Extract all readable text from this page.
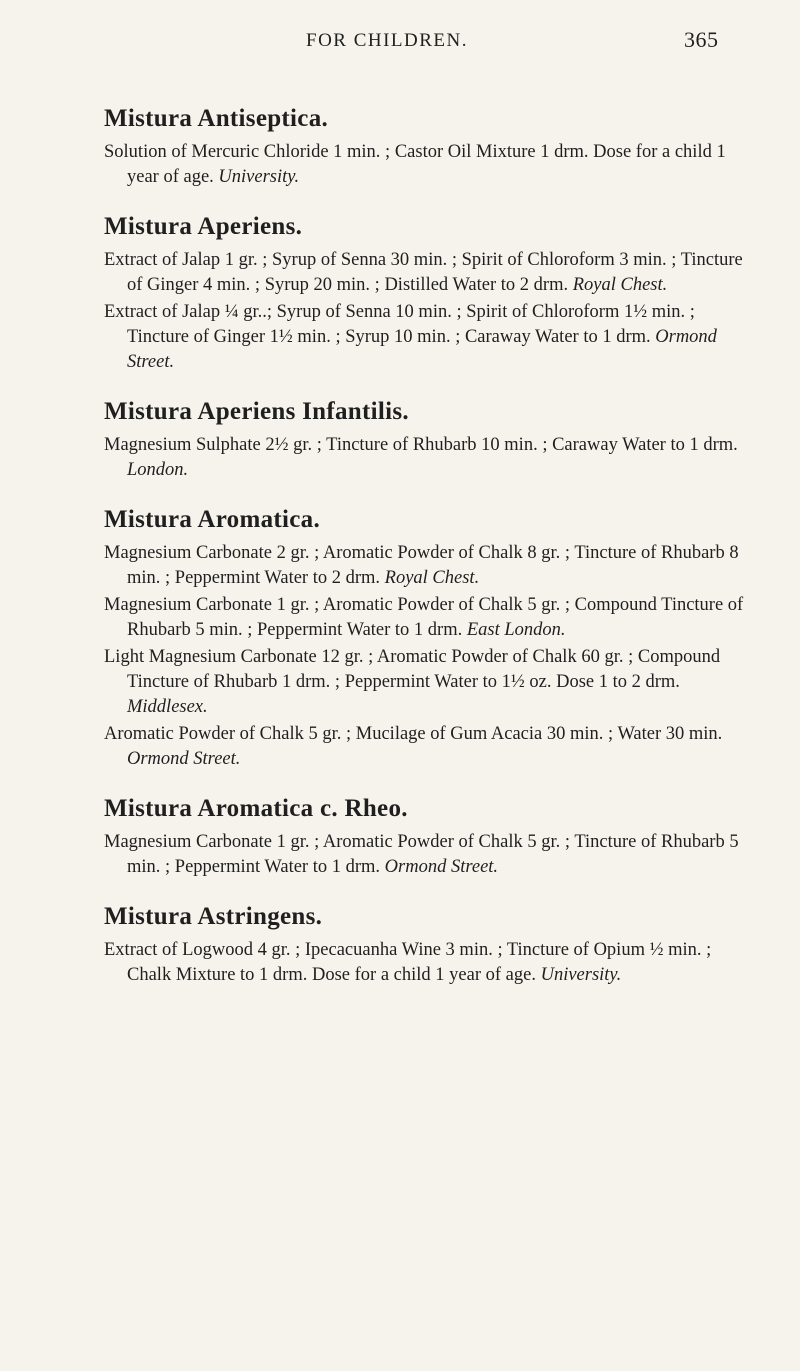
FOR CHILDREN.	365
Mistura Antiseptica.

Solution of Mercuric Chloride 1 min. ; Castor Oil Mixture 1 drm. Dose for a child 1 year of age. University.

Mistura Aperiens.

Extract of Jalap 1 gr. ; Syrup of Senna 30 min. ; Spirit of Chloroform 3 min. ; Tincture of Ginger 4 min. ; Syrup 20 min. ; Distilled Water to 2 drm. Royal Chest.

Extract of Jalap ¼ gr..; Syrup of Senna 10 min. ; Spirit of Chloroform 1½ min. ; Tincture of Ginger 1½ min. ; Syrup 10 min. ; Caraway Water to 1 drm. Ormond Street.

Mistura Aperiens Infantilis.

Magnesium Sulphate 2½ gr. ; Tincture of Rhubarb 10 min. ; Caraway Water to 1 drm. London.

Mistura Aromatica.

Magnesium Carbonate 2 gr. ; Aromatic Powder of Chalk 8 gr. ; Tincture of Rhubarb 8 min. ; Peppermint Water to 2 drm. Royal Chest.

Magnesium Carbonate 1 gr. ; Aromatic Powder of Chalk 5 gr. ; Compound Tincture of Rhubarb 5 min. ; Peppermint Water to 1 drm. East London.

Light Magnesium Carbonate 12 gr. ; Aromatic Powder of Chalk 60 gr. ; Compound Tincture of Rhubarb 1 drm. ; Peppermint Water to 1½ oz. Dose 1 to 2 drm. Middlesex.

Aromatic Powder of Chalk 5 gr. ; Mucilage of Gum Acacia 30 min. ; Water 30 min. Ormond Street.

Mistura Aromatica c. Rheo.

Magnesium Carbonate 1 gr. ; Aromatic Powder of Chalk 5 gr. ; Tincture of Rhubarb 5 min. ; Peppermint Water to 1 drm. Ormond Street.

Mistura Astringens.

Extract of Logwood 4 gr. ; Ipecacuanha Wine 3 min. ; Tincture of Opium ½ min. ; Chalk Mixture to 1 drm. Dose for a child 1 year of age. University.
